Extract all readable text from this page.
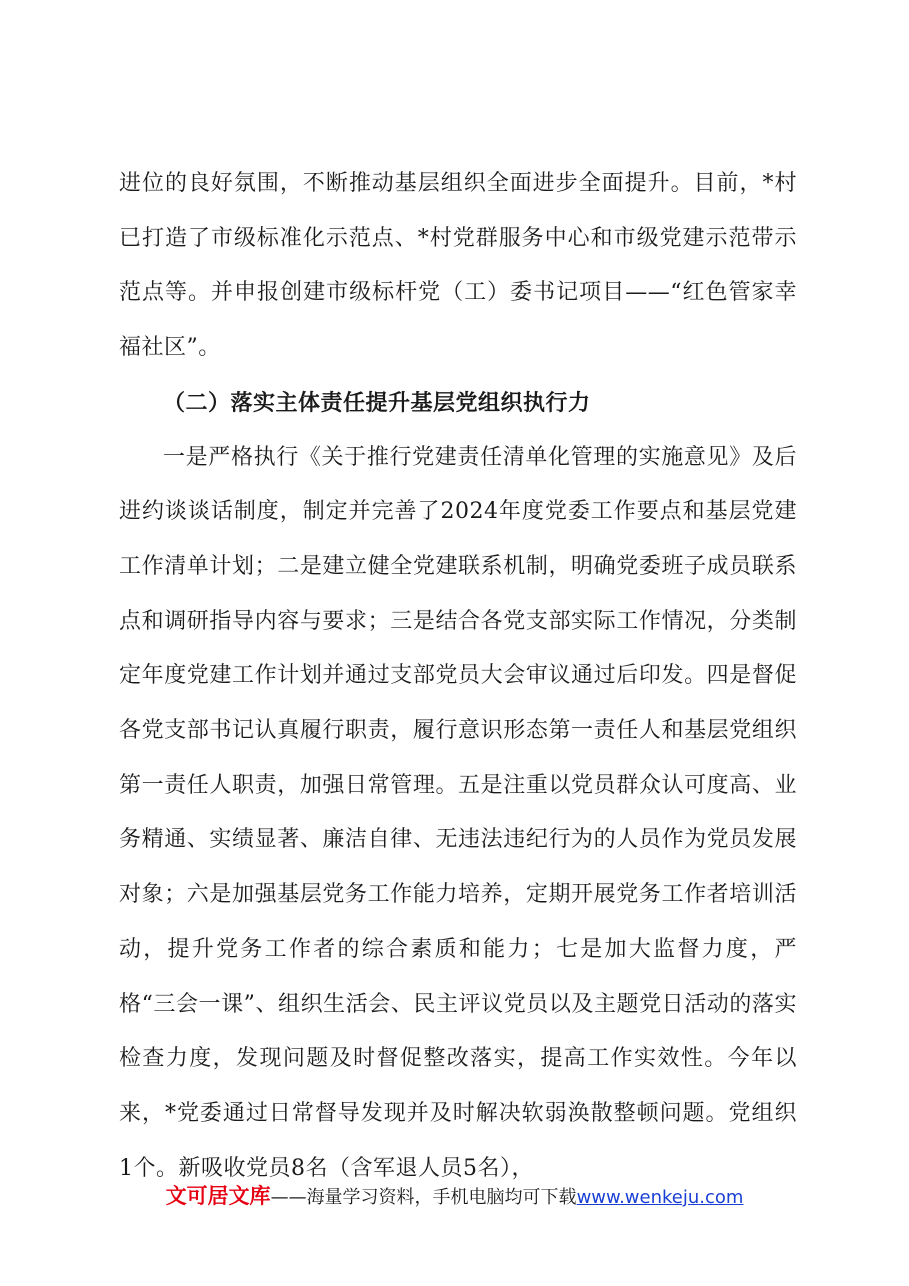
进位的良好氛围，不断推动基层组织全面进步全面提升。目前，*村已打造了市级标准化示范点、*村党群服务中心和市级党建示范带示范点等。并申报创建市级标杆党（工）委书记项目——“红色管家幸福社区”。

（二）落实主体责任提升基层党组织执行力

一是严格执行《关于推行党建责任清单化管理的实施意见》及后进约谈谈话制度，制定并完善了2024年度党委工作要点和基层党建工作清单计划；二是建立健全党建联系机制，明确党委班子成员联系点和调研指导内容与要求；三是结合各党支部实际工作情况，分类制定年度党建工作计划并通过支部党员大会审议通过后印发。四是督促各党支部书记认真履行职责，履行意识形态第一责任人和基层党组织第一责任人职责，加强日常管理。五是注重以党员群众认可度高、业务精通、实绩显著、廉洁自律、无违法违纪行为的人员作为党员发展对象；六是加强基层党务工作能力培养，定期开展党务工作者培训活动，提升党务工作者的综合素质和能力；七是加大监督力度，严格“三会一课”、组织生活会、民主评议党员以及主题党日活动的落实检查力度，发现问题及时督促整改落实，提高工作实效性。今年以来，*党委通过日常督导发现并及时解决软弱涣散整顿问题。党组织1个。新吸收党员8名（含军退人员5名），

文可居文库——海量学习资料，手机电脑均可下载www.wenkeju.com
